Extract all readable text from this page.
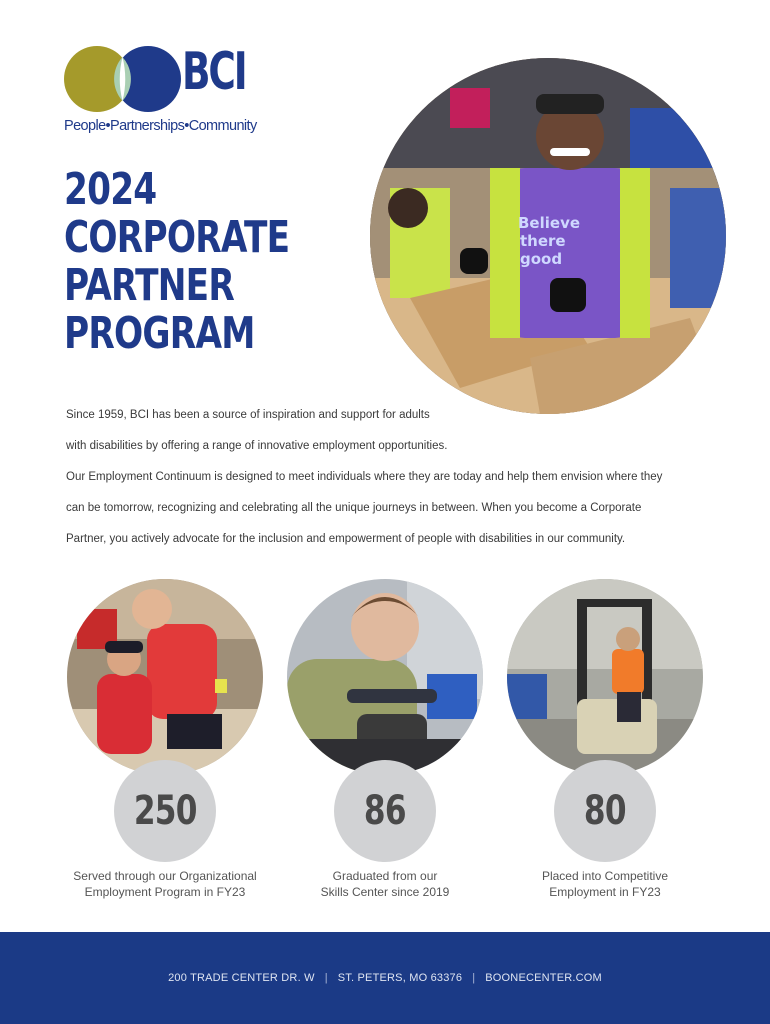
BCI
People•Partnerships•Community
2024
CORPORATE
PARTNER
PROGRAM
Believe
there
good

Since 1959, BCI has been a source of inspiration and support for adults

with disabilities by offering a range of innovative employment opportunities.

Our Employment Continuum is designed to meet individuals where they are today and help them envision where they

can be tomorrow, recognizing and celebrating all the unique journeys in between. When you become a Corporate

Partner, you actively advocate for the inclusion and empowerment of people with disabilities in our community.

250
Served through our Organizational
Employment Program in FY23
86
Graduated from our
Skills Center since 2019
80
Placed into Competitive
Employment in FY23
200 TRADE CENTER DR. W | ST. PETERS, MO 63376 | BOONECENTER.COM
